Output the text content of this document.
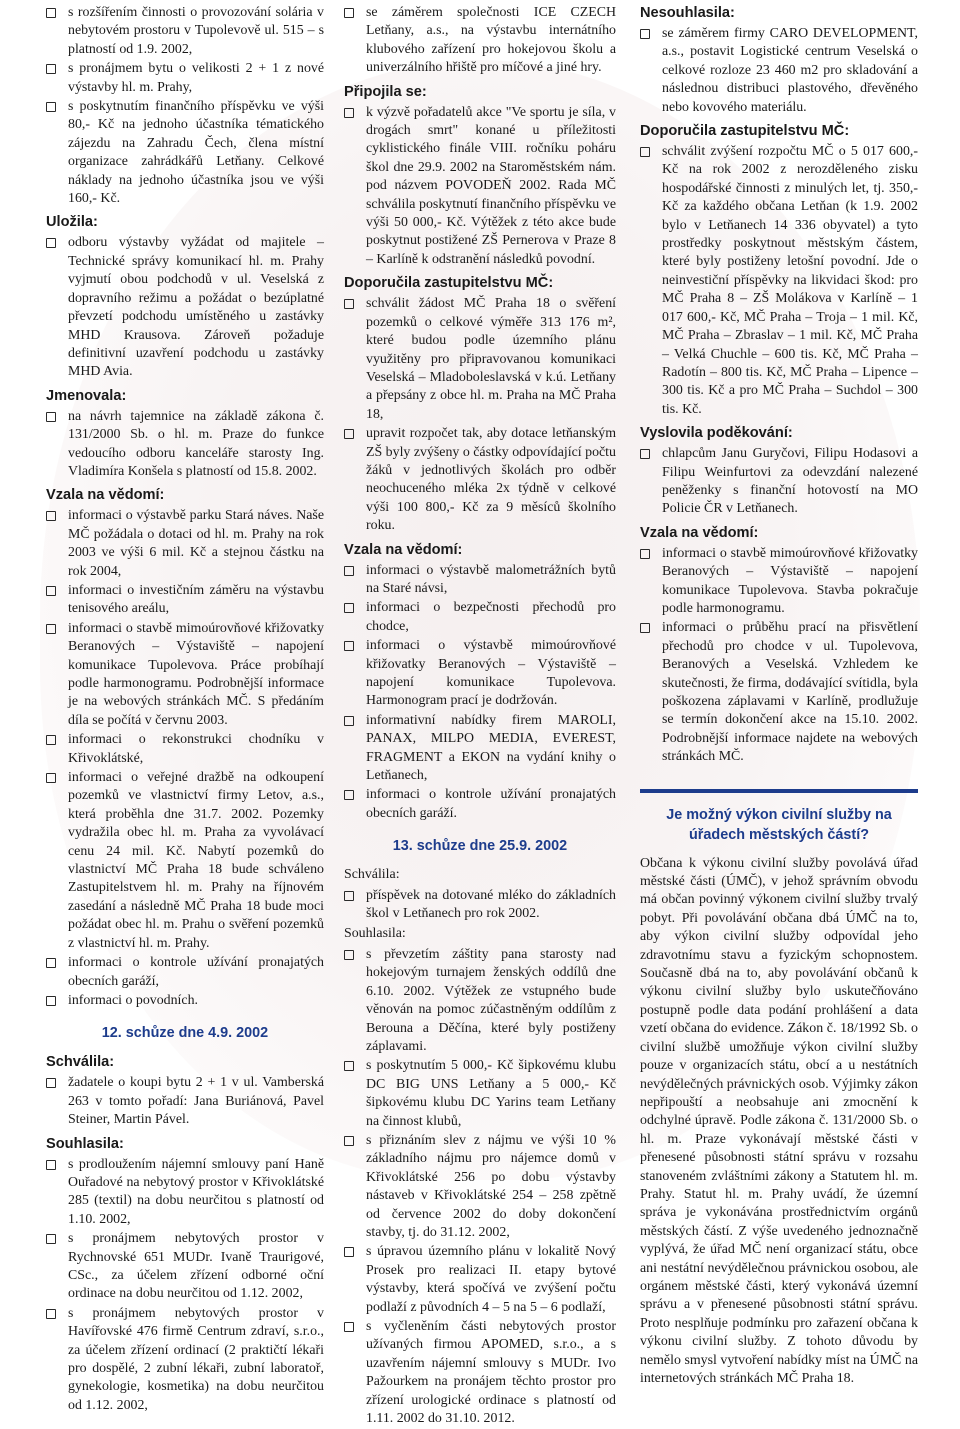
s rozšířením činnosti o provozování solária v nebytovém prostoru v Tupolevově ul. 515 – s platností od 1.9. 2002,
s pronájmem bytu o velikosti 2 + 1 z nové výstavby hl. m. Prahy,
s poskytnutím finančního příspěvku ve výši 80,- Kč na jednoho účastníka tématického zájezdu na Zahradu Čech, člena místní organizace zahrádkářů Letňany. Celkové náklady na jednoho účastníka jsou ve výši 160,- Kč.
Uložila:
odboru výstavby vyžádat od majitele – Technické správy komunikací hl. m. Prahy vyjmutí obou podchodů v ul. Veselská z dopravního režimu a požádat o bezúplatné převzetí podchodu umístěného u zastávky MHD Krausova. Zároveň požaduje definitivní uzavření podchodu u zastávky MHD Avia.
Jmenovala:
na návrh tajemnice na základě zákona č. 131/2000 Sb. o hl. m. Praze do funkce vedoucího odboru kanceláře starosty Ing. Vladimíra Konšela s platností od 15.8. 2002.
Vzala na vědomí:
informaci o výstavbě parku Stará náves. Naše MČ požádala o dotaci od hl. m. Prahy na rok 2003 ve výši 6 mil. Kč a stejnou částku na rok 2004,
informaci o investičním záměru na výstavbu tenisového areálu,
informaci o stavbě mimoúrovňové křižovatky Beranových – Výstaviště – napojení komunikace Tupolevova. Práce probíhají podle harmonogramu. Podrobnější informace je na webových stránkách MČ. S předáním díla se počítá v červnu 2003.
informaci o rekonstrukci chodníku v Křivoklátské,
informaci o veřejné dražbě na odkoupení pozemků ve vlastnictví firmy Letov, a.s., která proběhla dne 31.7. 2002. Pozemky vydražila obec hl. m. Praha za vyvolávací cenu 24 mil. Kč. Nabytí pozemků do vlastnictví MČ Praha 18 bude schváleno Zastupitelstvem hl. m. Prahy na říjnovém zasedání a následně MČ Praha 18 bude moci požádat obec hl. m. Prahu o svěření pozemků z vlastnictví hl. m. Prahy.
informaci o kontrole užívání pronajatých obecních garáží,
informaci o povodních.
12. schůze dne 4.9. 2002
Schválila:
žadatele o koupi bytu 2 + 1 v ul. Vamberská 263 v tomto pořadí: Jana Buriánová, Pavel Steiner, Martin Pável.
Souhlasila:
s prodloužením nájemní smlouvy paní Haně Ouřadové na nebytový prostor v Křivoklátské 285 (textil) na dobu neurčitou s platností od 1.10. 2002,
s pronájmem nebytových prostor v Rychnovské 651 MUDr. Ivaně Traurigové, CSc., za účelem zřízení odborné oční ordinace na dobu neurčitou od 1.12. 2002,
s pronájmem nebytových prostor v Havířovské 476 firmě Centrum zdraví, s.r.o., za účelem zřízení ordinací (2 praktičtí lékaři pro dospělé, 2 zubní lékaři, zubní laboratoř, gynekologie, kosmetika) na dobu neurčitou od 1.12. 2002,
se záměrem společnosti ICE CZECH Letňany, a.s., na výstavbu internátního klubového zařízení pro hokejovou školu a univerzálního hřiště pro míčové a jiné hry.
Připojila se:
k výzvě pořadatelů akce "Ve sportu je síla, v drogách smrt" konané u příležitosti cyklistického finále VIII. ročníku poháru škol dne 29.9. 2002 na Staroměstském nám. pod názvem POVODEŇ 2002. Rada MČ schválila poskytnutí finančního příspěvku ve výši 50 000,- Kč. Výtěžek z této akce bude poskytnut postižené ZŠ Pernerova v Praze 8 – Karlíně k odstranění následků povodní.
Doporučila zastupitelstvu MČ:
schválit žádost MČ Praha 18 o svěření pozemků o celkové výměře 313 176 m², které budou podle územního plánu využitěny pro připravovanou komunikaci Veselská – Mladoboleslavská v k.ú. Letňany a přepsány z obce hl. m. Praha na MČ Praha 18,
upravit rozpočet tak, aby dotace letňanským ZŠ byly zvýšeny o částky odpovídající počtu žáků v jednotlivých školách pro odběr neochuceného mléka 2x týdně v celkové výši 100 800,- Kč za 9 měsíců školního roku.
Vzala na vědomí:
informaci o výstavbě malometrážních bytů na Staré návsi,
informaci o bezpečnosti přechodů pro chodce,
informaci o výstavbě mimoúrovňové křižovatky Beranových – Výstaviště – napojení komunikace Tupolevova. Harmonogram prací je dodržován.
informativní nabídky firem MAROLI, PANAX, MILPO MEDIA, EVEREST, FRAGMENT a EKON na vydání knihy o Letňanech,
informaci o kontrole užívání pronajatých obecních garáží.
13. schůze dne 25.9. 2002
Schválila:
příspěvek na dotované mléko do základních škol v Letňanech pro rok 2002.
Souhlasila:
s převzetím záštity pana starosty nad hokejovým turnajem ženských oddílů dne 6.10. 2002. Výtěžek ze vstupného bude věnován na pomoc zúčastněným oddílům z Berouna a Děčína, které byly postiženy záplavami.
s poskytnutím 5 000,- Kč šipkovému klubu DC BIG UNS Letňany a 5 000,- Kč šipkovému klubu DC Yarins team Letňany na činnost klubů,
s přiznáním slev z nájmu ve výši 10 % základního nájmu pro nájemce domů v Křivoklátské 256 po dobu výstavby nástaveb v Křivoklátské 254 – 258 zpětně od července 2002 do doby dokončení stavby, tj. do 31.12. 2002,
s úpravou územního plánu v lokalitě Nový Prosek pro realizaci II. etapy bytové výstavby, která spočívá ve zvýšení počtu podlaží z původních 4 – 5 na 5 – 6 podlaží,
s vyčleněním části nebytových prostor užívaných firmou APOMED, s.r.o., a s uzavřením nájemní smlouvy s MUDr. Ivo Pažourkem na pronájem těchto prostor pro zřízení urologické ordinace s platností od 1.11. 2002 do 31.10. 2012.
Nesouhlasila:
se záměrem firmy CARO DEVELOPMENT, a.s., postavit Logistické centrum Veselská o celkové rozloze 23 460 m2 pro skladování a následnou distribuci plastového, dřevěného nebo kovového materiálu.
Doporučila zastupitelstvu MČ:
schválit zvýšení rozpočtu MČ o 5 017 600,- Kč na rok 2002 z nerozděleného zisku hospodářské činnosti z minulých let, tj. 350,- Kč za každého občana Letňan (k 1.9. 2002 bylo v Letňanech 14 336 obyvatel) a tyto prostředky poskytnout městským částem, které byly postiženy letošní povodní. Jde o neinvestiční příspěvky na likvidaci škod: pro MČ Praha 8 – ZŠ Molákova v Karlíně – 1 017 600,- Kč, MČ Praha – Troja – 1 mil. Kč, MČ Praha – Zbraslav – 1 mil. Kč, MČ Praha – Velká Chuchle – 600 tis. Kč, MČ Praha – Radotín – 800 tis. Kč, MČ Praha – Lipence – 300 tis. Kč a pro MČ Praha – Suchdol – 300 tis. Kč.
Vyslovila poděkování:
chlapcům Janu Guryčovi, Filipu Hodasovi a Filipu Weinfurtovi za odevzdání nalezené peněženky s finanční hotovostí na MO Policie ČR v Letňanech.
Vzala na vědomí:
informaci o stavbě mimoúrovňové křižovatky Beranových – Výstaviště – napojení komunikace Tupolevova. Stavba pokračuje podle harmonogramu.
informaci o průběhu prací na přisvětlení přechodů pro chodce v ul. Tupolevova, Beranových a Veselská. Vzhledem ke skutečnosti, že firma, dodávající svítidla, byla poškozena záplavami v Karlíně, prodlužuje se termín dokončení akce na 15.10. 2002. Podrobnější informace najdete na webových stránkách MČ.
Je možný výkon civilní služby na úřadech městských částí?
Občana k výkonu civilní služby povolává úřad městské části (ÚMČ), v jehož správním obvodu má občan povinný výkonem civilní služby trvalý pobyt. Při povolávání občana dbá ÚMČ na to, aby výkon civilní služby odpovídal jeho zdravotnímu stavu a fyzickým schopnostem. Současně dbá na to, aby povolávání občanů k výkonu civilní služby bylo uskutečňováno postupně podle data podání prohlášení a data vzetí občana do evidence. Zákon č. 18/1992 Sb. o civilní službě umožňuje výkon civilní služby pouze v organizacích státu, obcí a u nestátních nevýdělečných právnických osob. Výjimky zákon nepřipouští a neobsahuje ani zmocnění k odchylné úpravě. Podle zákona č. 131/2000 Sb. o hl. m. Praze vykonávají městské části v přenesené působnosti státní správu v rozsahu stanoveném zvláštními zákony a Statutem hl. m. Prahy. Statut hl. m. Prahy uvádí, že územní správa je vykonávána prostřednictvím orgánů městských částí. Z výše uvedeného jednoznačně vyplývá, že úřad MČ není organizací státu, obce ani nestátní nevýdělečnou právnickou osobou, ale orgánem městské části, který vykonává územní správu a v přenesené působnosti státní správu. Proto nesplňuje podmínku pro zařazení občana k výkonu civilní služby. Z tohoto důvodu by nemělo smysl vytvoření nabídky míst na ÚMČ na internetových stránkách MČ Praha 18.
